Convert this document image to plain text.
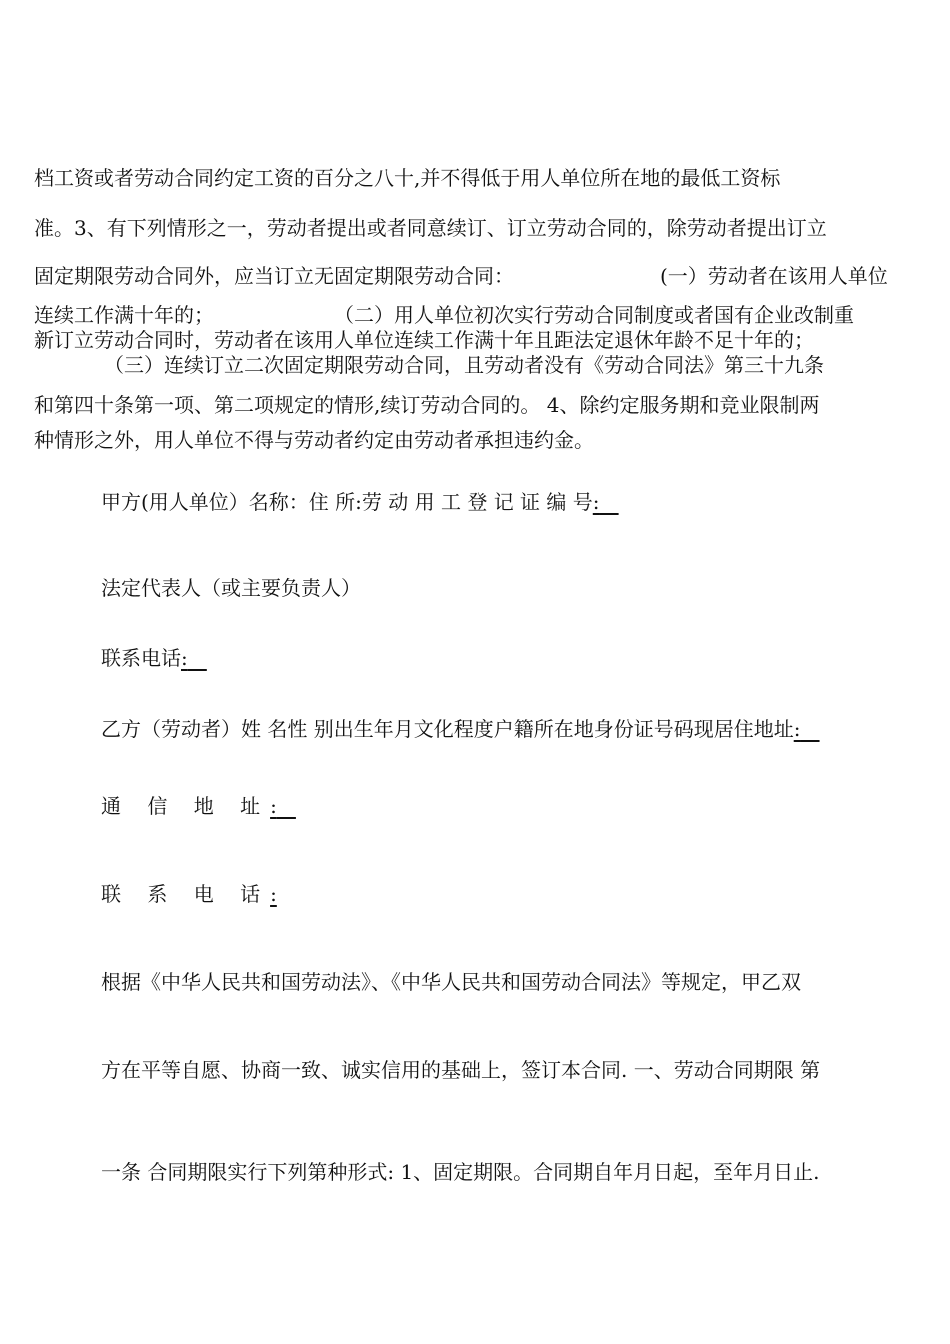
档工资或者劳动合同约定工资的百分之八十,并不得低于用人单位所在地的最低工资标
准。3、有下列情形之一，劳动者提出或者同意续订、订立劳动合同的，除劳动者提出订立
固定期限劳动合同外，应当订立无固定期限劳动合同：	(一）劳动者在该用人单位
连续工作满十年的；	（二）用人单位初次实行劳动合同制度或者国有企业改制重
新订立劳动合同时，劳动者在该用人单位连续工作满十年且距法定退休年龄不足十年的；
（三）连续订立二次固定期限劳动合同，且劳动者没有《劳动合同法》第三十九条
和第四十条第一项、第二项规定的情形,续订劳动合同的。 4、除约定服务期和竞业限制两
种情形之外，用人单位不得与劳动者约定由劳动者承担违约金。
甲方(用人单位）名称：住 所:劳 动 用 工 登 记 证 编 号:
法定代表人（或主要负责人）
联系电话:
乙方（劳动者）姓 名性 别出生年月文化程度户籍所在地身份证号码现居住地址:
通 信 地 址:
联 系 电 话:
根据《中华人民共和国劳动法》、《中华人民共和国劳动合同法》等规定，甲乙双
方在平等自愿、协商一致、诚实信用的基础上，签订本合同. 一、劳动合同期限 第
一条 合同期限实行下列第种形式: 1、固定期限。合同期自年月日起，至年月日止.
